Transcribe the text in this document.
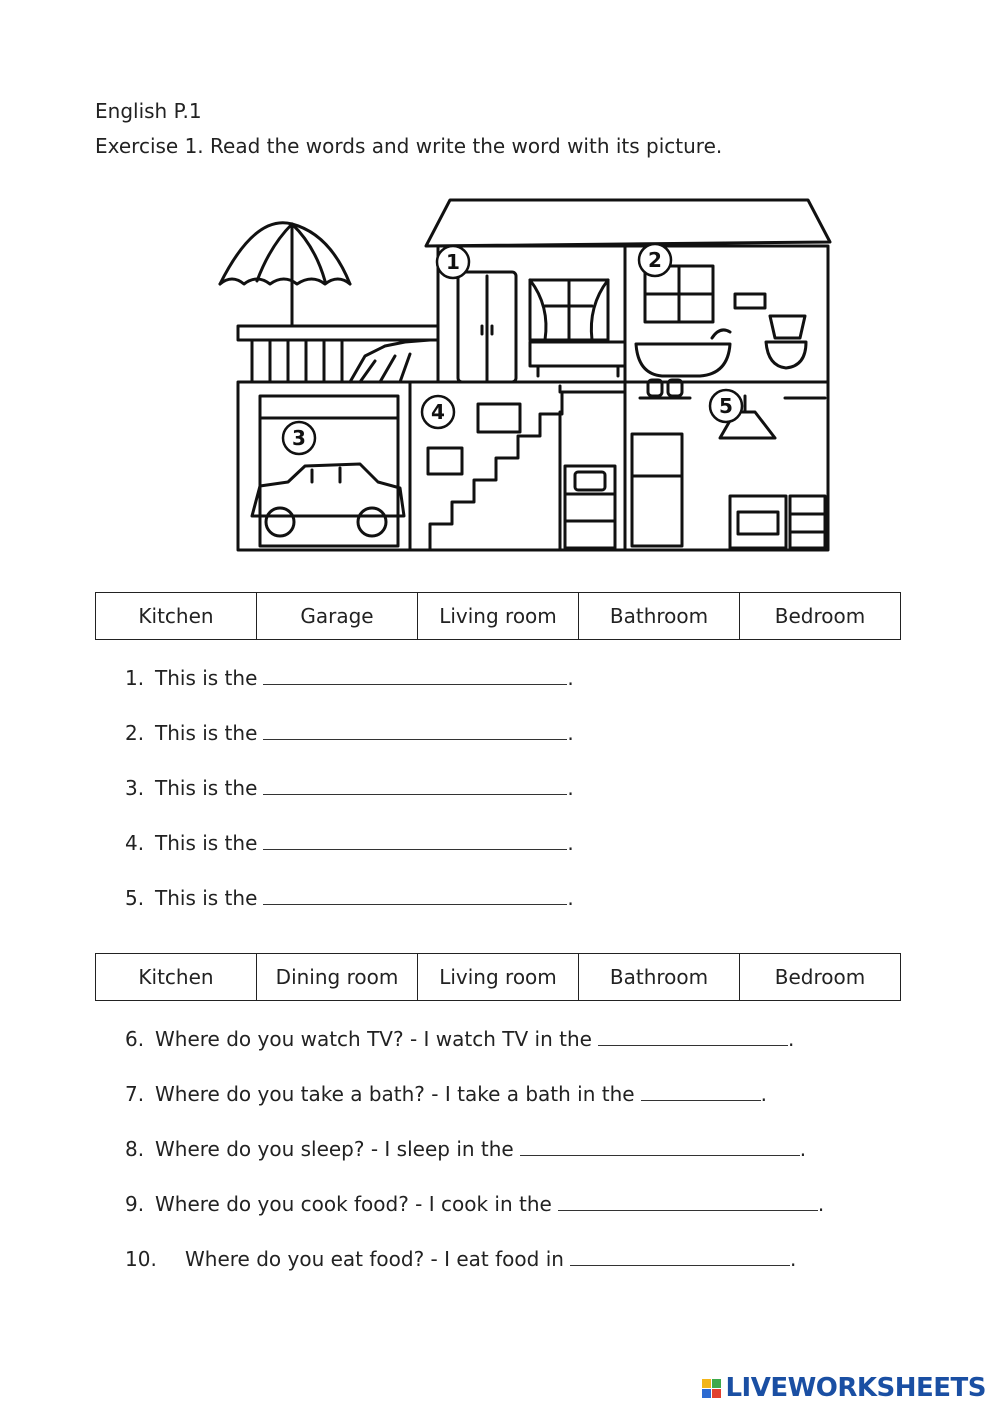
English P.1
Exercise 1. Read the words and write the word with its picture.
1	2
3
4	5
Kitchen	Garage	Living room	Bathroom	Bedroom
1. This is the	.
2. This is the	.
3. This is the	.
4. This is the	.
5. This is the	.
Kitchen	Dining room	Living room	Bathroom	Bedroom
6. Where do you watch TV? - I watch TV in the	.
7. Where do you take a bath? - I take a bath in the	.
8. Where do you sleep? - I sleep in the	.
9. Where do you cook food? - I cook in the	.
10.	Where do you eat food? - I eat food in	.
LIVEWORKSHEETS
